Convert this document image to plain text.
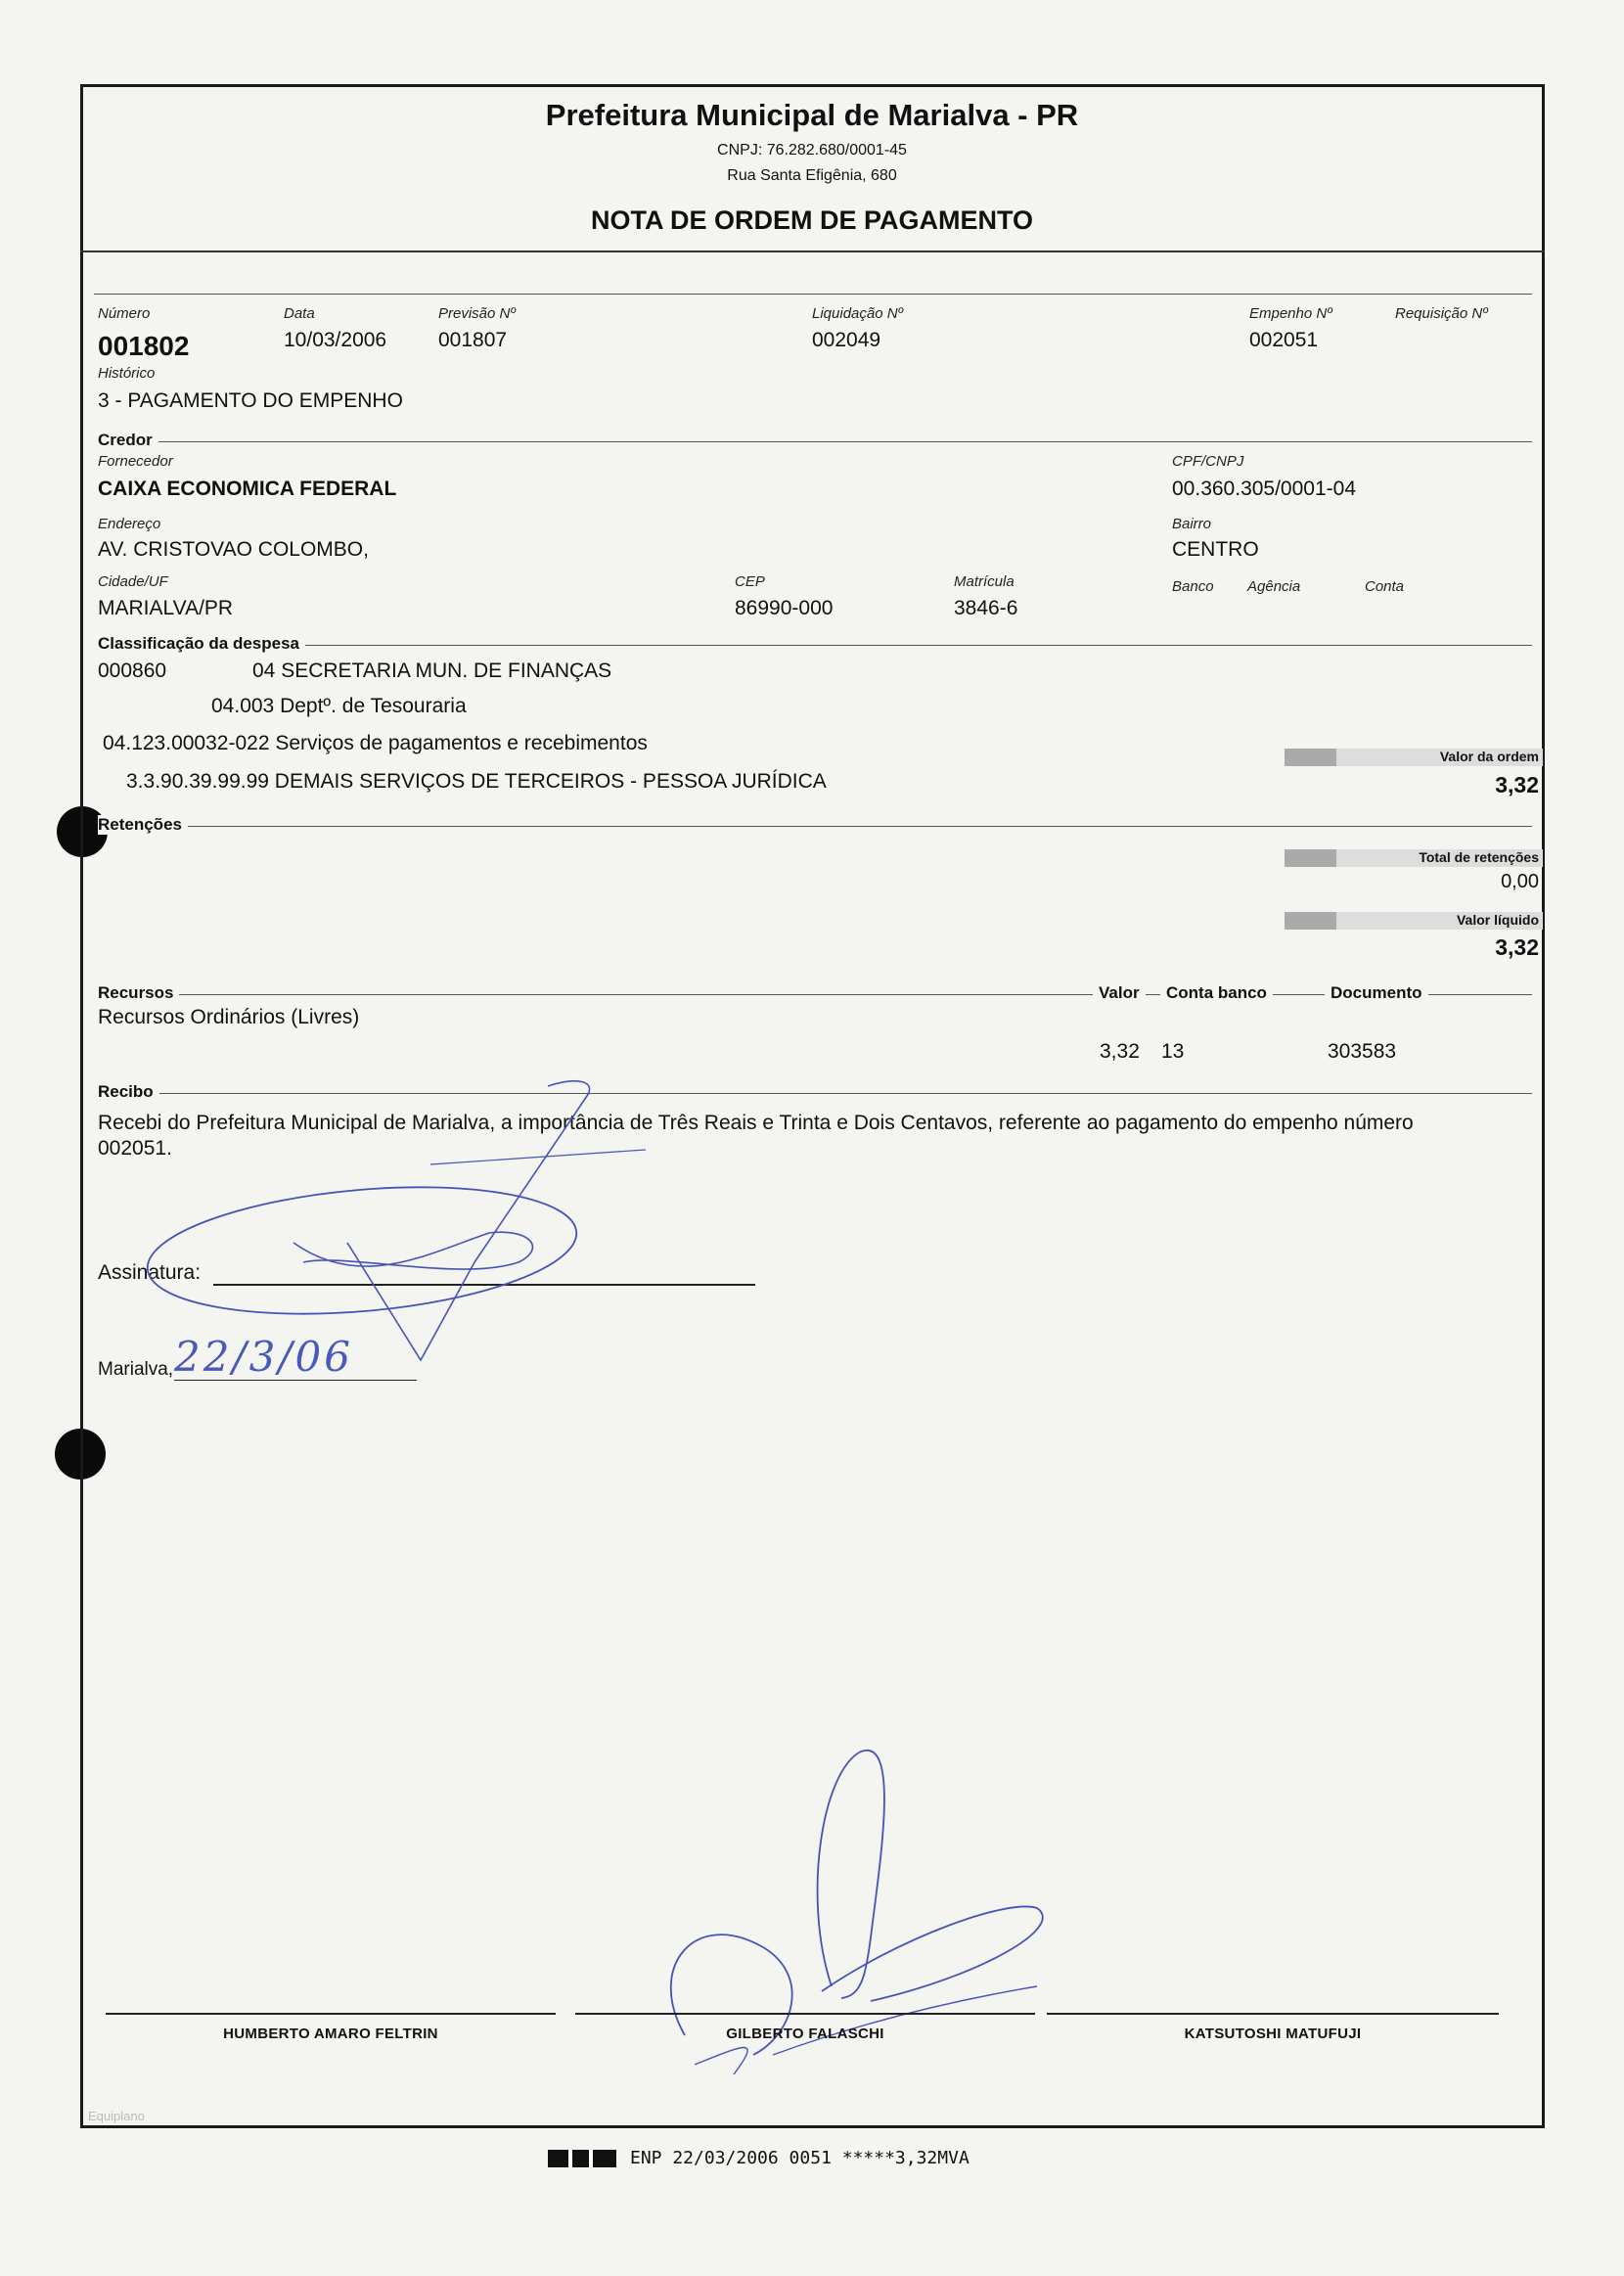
Prefeitura Municipal de Marialva - PR
CNPJ: 76.282.680/0001-45
Rua Santa Efigênia, 680
NOTA DE ORDEM DE PAGAMENTO
Número
001802
Data
10/03/2006
Previsão Nº
001807
Liquidação Nº
002049
Empenho Nº
002051
Requisição Nº
Histórico
3 - PAGAMENTO DO EMPENHO
Credor
Fornecedor
CAIXA ECONOMICA FEDERAL
CPF/CNPJ
00.360.305/0001-04
Endereço
AV. CRISTOVAO COLOMBO,
Bairro
CENTRO
Cidade/UF
MARIALVA/PR
CEP
86990-000
Matrícula
3846-6
Banco Agência	Conta
Classificação da despesa
000860	04 SECRETARIA MUN. DE FINANÇAS
04.003 Deptº. de Tesouraria
04.123.00032-022 Serviços de pagamentos e recebimentos
3.3.90.39.99.99 DEMAIS SERVIÇOS DE TERCEIROS - PESSOA JURÍDICA
Valor da ordem
3,32
Retenções
Total de retenções
0,00
Valor líquido
3,32
Recursos	Valor	Conta banco	Documento
Recursos Ordinários (Livres)
3,32 13	303583
Recibo
Recebi do Prefeitura Municipal de Marialva, a importância de Três Reais e Trinta e Dois Centavos, referente ao pagamento do empenho número
002051.
Assinatura:
Marialva, 22/3/06
HUMBERTO AMARO FELTRIN	GILBERTO FALASCHI	KATSUTOSHI MATUFUJI
Equiplano
ENP 22/03/2006 0051 *****3,32MVA
